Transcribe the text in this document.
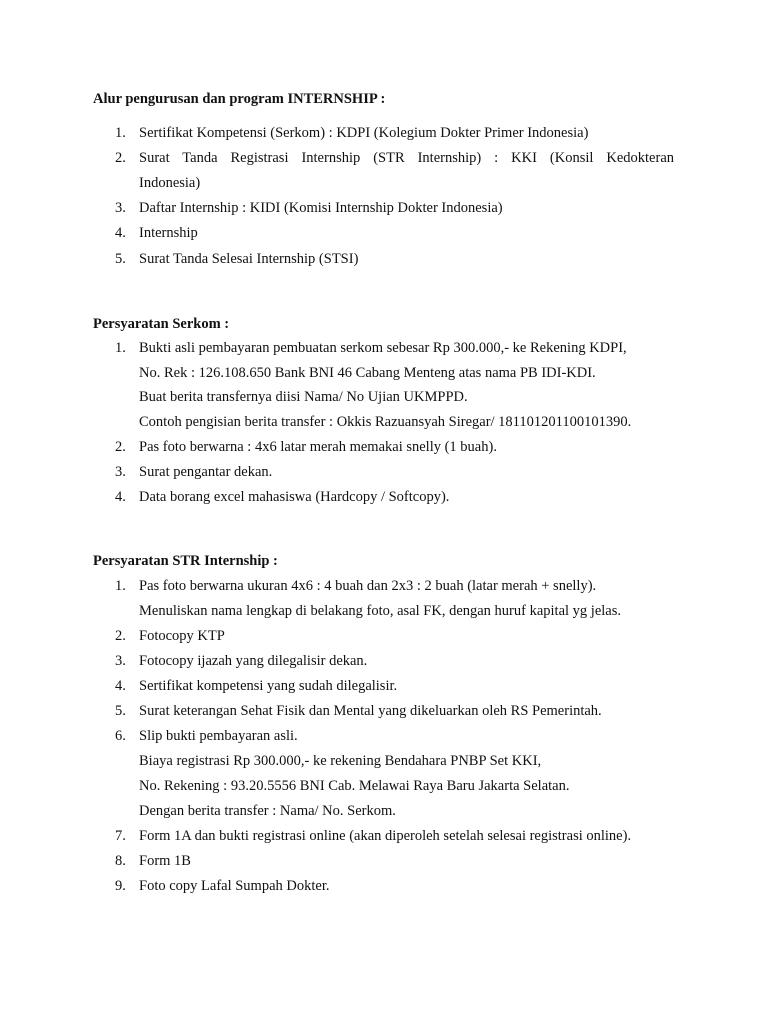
Alur pengurusan dan program INTERNSHIP :
1. Sertifikat Kompetensi (Serkom) : KDPI (Kolegium Dokter Primer Indonesia)
2. Surat Tanda Registrasi Internship (STR Internship) : KKI (Konsil Kedokteran
Indonesia)
3. Daftar Internship : KIDI (Komisi Internship Dokter Indonesia)
4. Internship
5. Surat Tanda Selesai Internship (STSI)
Persyaratan Serkom :
1. Bukti asli pembayaran pembuatan serkom sebesar Rp 300.000,- ke Rekening KDPI,
No. Rek : 126.108.650 Bank BNI 46 Cabang Menteng atas nama PB IDI-KDI.
Buat berita transfernya diisi Nama/ No Ujian UKMPPD.
Contoh pengisian berita transfer : Okkis Razuansyah Siregar/ 181101201100101390.
2. Pas foto berwarna : 4x6 latar merah memakai snelly (1 buah).
3. Surat pengantar dekan.
4. Data borang excel mahasiswa (Hardcopy / Softcopy).
Persyaratan STR Internship :
1. Pas foto berwarna ukuran 4x6 : 4 buah dan 2x3 : 2 buah (latar merah + snelly).
Menuliskan nama lengkap di belakang foto, asal FK, dengan huruf kapital yg jelas.
2. Fotocopy KTP
3. Fotocopy ijazah yang dilegalisir dekan.
4. Sertifikat kompetensi yang sudah dilegalisir.
5. Surat keterangan Sehat Fisik dan Mental yang dikeluarkan oleh RS Pemerintah.
6. Slip bukti pembayaran asli.
Biaya registrasi Rp 300.000,- ke rekening Bendahara PNBP Set KKI,
No. Rekening : 93.20.5556 BNI Cab. Melawai Raya Baru Jakarta Selatan.
Dengan berita transfer : Nama/ No. Serkom.
7. Form 1A dan bukti registrasi online (akan diperoleh setelah selesai registrasi online).
8. Form 1B
9. Foto copy Lafal Sumpah Dokter.
